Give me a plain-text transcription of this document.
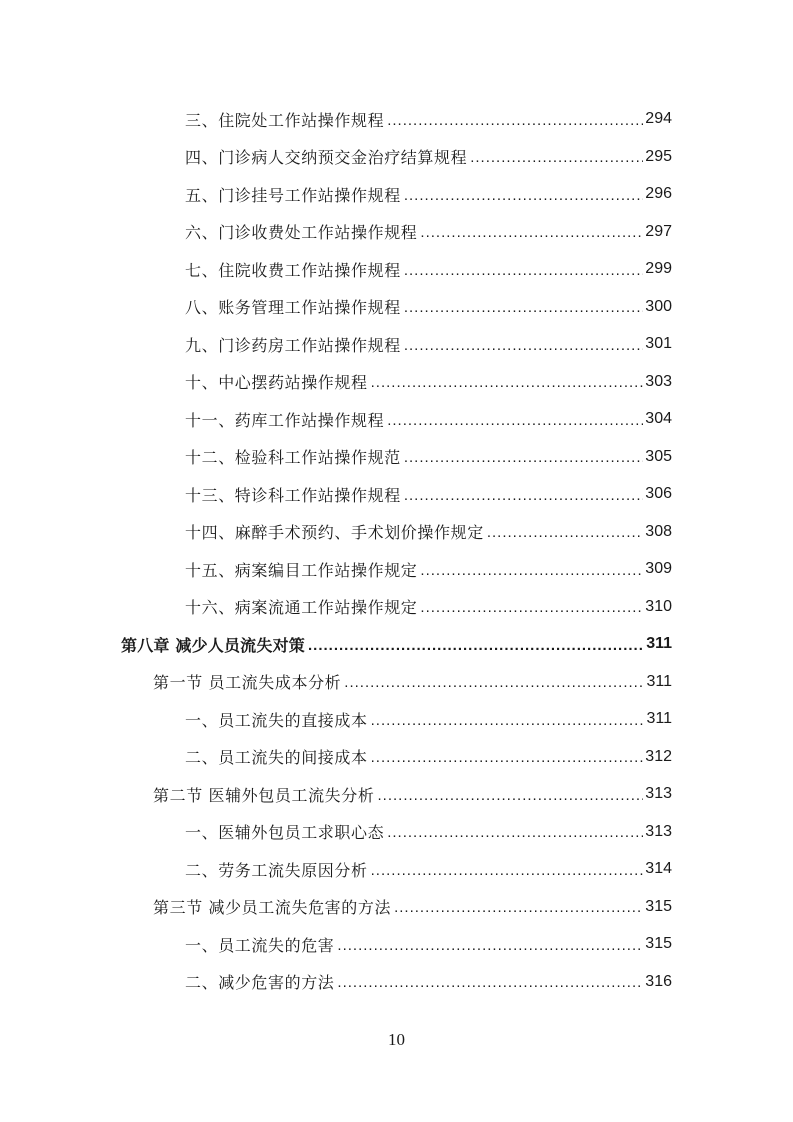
三、住院处工作站操作规程 .....	294
四、门诊病人交纳预交金治疗结算规程 .....	295
五、门诊挂号工作站操作规程 .....	296
六、门诊收费处工作站操作规程 .....	297
七、住院收费工作站操作规程 .....	299
八、账务管理工作站操作规程 .....	300
九、门诊药房工作站操作规程 .....	301
十、中心摆药站操作规程 .....	303
十一、药库工作站操作规程 .....	304
十二、检验科工作站操作规范 .....	305
十三、特诊科工作站操作规程 .....	306
十四、麻醉手术预约、手术划价操作规定 .....	308
十五、病案编目工作站操作规定 .....	309
十六、病案流通工作站操作规定 .....	310
第八章 减少人员流失对策 .....	311
第一节 员工流失成本分析 .....	311
一、员工流失的直接成本 .....	311
二、员工流失的间接成本 .....	312
第二节 医辅外包员工流失分析 .....	313
一、医辅外包员工求职心态 .....	313
二、劳务工流失原因分析 .....	314
第三节 减少员工流失危害的方法 .....	315
一、员工流失的危害 .....	315
二、减少危害的方法 .....	316
10
